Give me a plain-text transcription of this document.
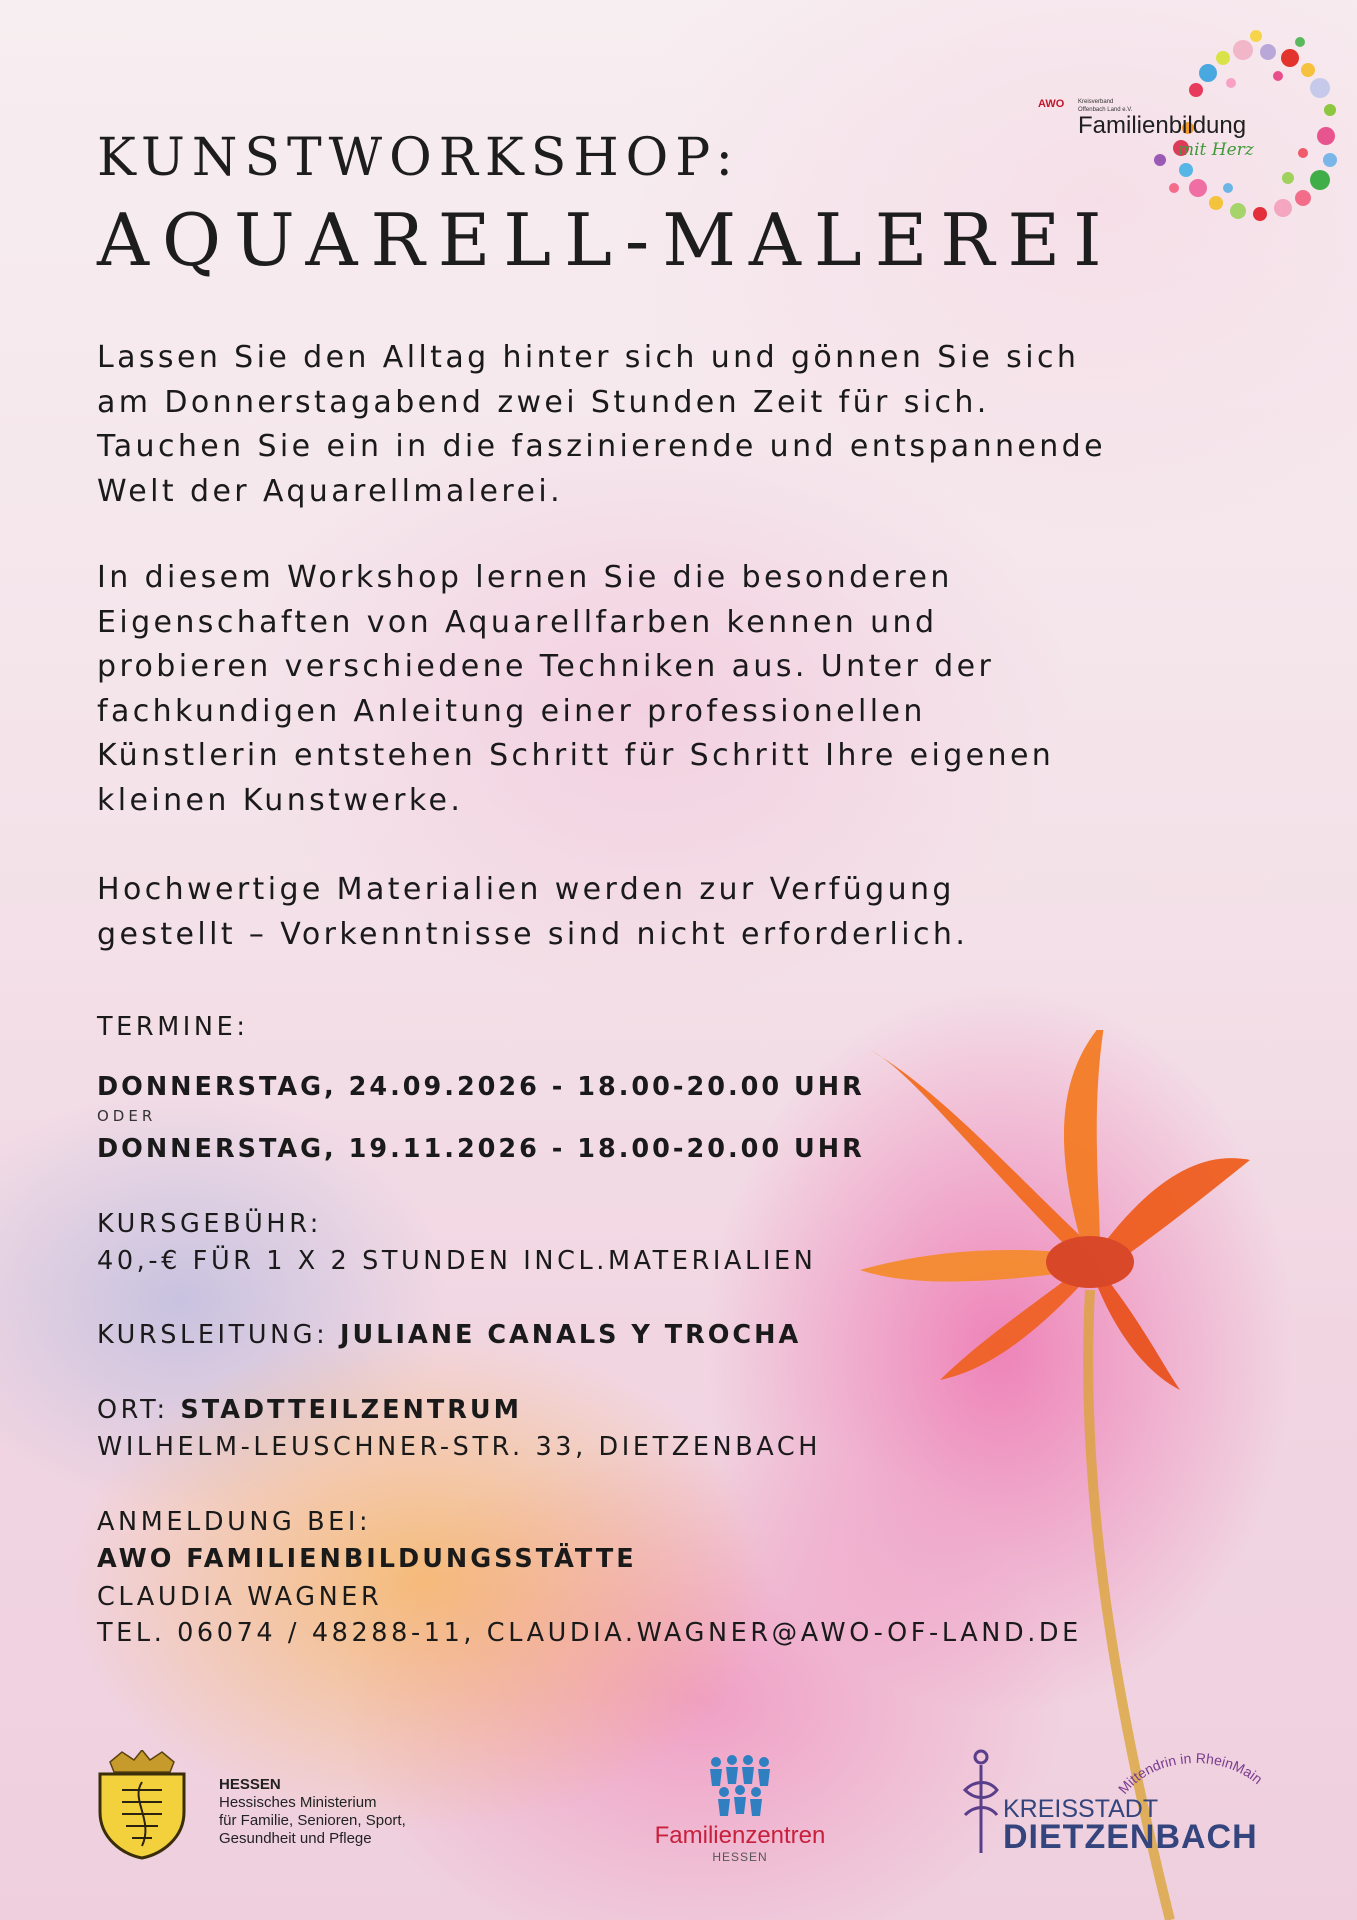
AWO Kreisverband Offenbach Land e.V.
Familienbildung
mit Herz
KUNSTWORKSHOP:
AQUARELL-MALEREI

Lassen Sie den Alltag hinter sich und gönnen Sie sich

am Donnerstagabend zwei Stunden Zeit für sich.

Tauchen Sie ein in die faszinierende und entspannende

Welt der Aquarellmalerei.

In diesem Workshop lernen Sie die besonderen

Eigenschaften von Aquarellfarben kennen und

probieren verschiedene Techniken aus. Unter der

fachkundigen Anleitung einer professionellen

Künstlerin entstehen Schritt für Schritt Ihre eigenen

kleinen Kunstwerke.

Hochwertige Materialien werden zur Verfügung

gestellt – Vorkenntnisse sind nicht erforderlich.

TERMINE:
DONNERSTAG, 24.09.2026 - 18.00-20.00 UHR
ODER
DONNERSTAG, 19.11.2026 - 18.00-20.00 UHR
KURSGEBÜHR:
40,-€ FÜR 1 X 2 STUNDEN INCL.MATERIALIEN
KURSLEITUNG: JULIANE CANALS Y TROCHA
ORT: STADTTEILZENTRUM
WILHELM-LEUSCHNER-STR. 33, DIETZENBACH
ANMELDUNG BEI:
AWO FAMILIENBILDUNGSSTÄTTE
CLAUDIA WAGNER
TEL. 06074 / 48288-11, CLAUDIA.WAGNER@AWO-OF-LAND.DE
HESSEN
Hessisches Ministerium
für Familie, Senioren, Sport,
Gesundheit und Pflege	Familienzentren
HESSEN
Mittendrin in RheinMain
KREISSTADT
DIETZENBACH
